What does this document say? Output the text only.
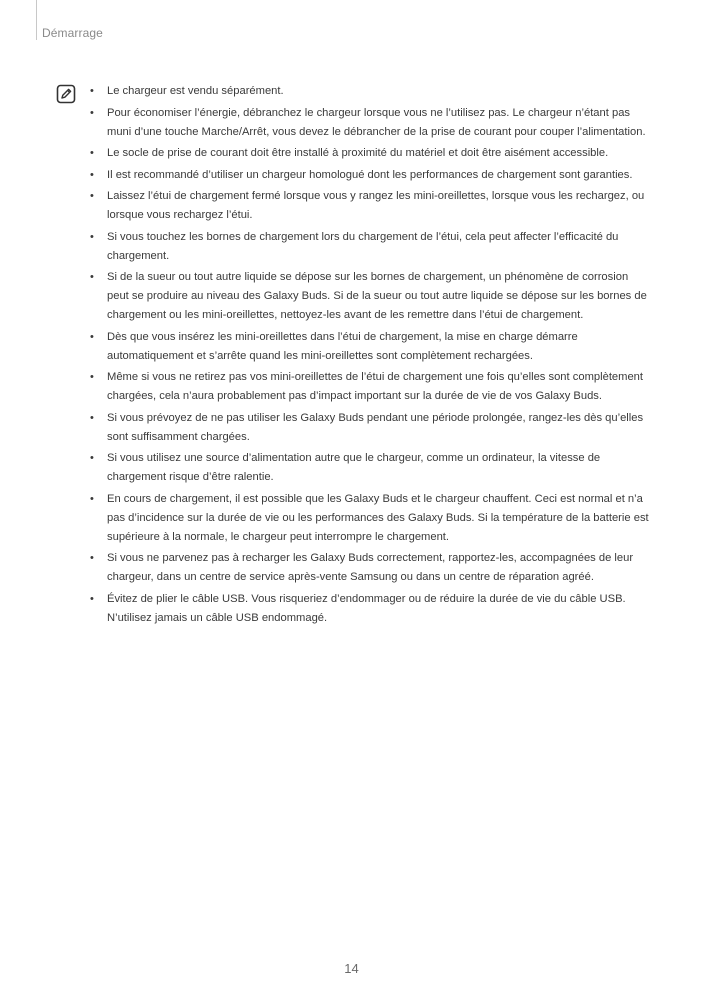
Démarrage
• Le chargeur est vendu séparément.
• Pour économiser l’énergie, débranchez le chargeur lorsque vous ne l’utilisez pas. Le chargeur n’étant pas muni d’une touche Marche/Arrêt, vous devez le débrancher de la prise de courant pour couper l’alimentation.
• Le socle de prise de courant doit être installé à proximité du matériel et doit être aisément accessible.
• Il est recommandé d’utiliser un chargeur homologué dont les performances de chargement sont garanties.
• Laissez l’étui de chargement fermé lorsque vous y rangez les mini-oreillettes, lorsque vous les rechargez, ou lorsque vous rechargez l’étui.
• Si vous touchez les bornes de chargement lors du chargement de l’étui, cela peut affecter l’efficacité du chargement.
• Si de la sueur ou tout autre liquide se dépose sur les bornes de chargement, un phénomène de corrosion peut se produire au niveau des Galaxy Buds. Si de la sueur ou tout autre liquide se dépose sur les bornes de chargement ou les mini-oreillettes, nettoyez-les avant de les remettre dans l’étui de chargement.
• Dès que vous insérez les mini-oreillettes dans l’étui de chargement, la mise en charge démarre automatiquement et s’arrête quand les mini-oreillettes sont complètement rechargées.
• Même si vous ne retirez pas vos mini-oreillettes de l’étui de chargement une fois qu’elles sont complètement chargées, cela n’aura probablement pas d’impact important sur la durée de vie de vos Galaxy Buds.
• Si vous prévoyez de ne pas utiliser les Galaxy Buds pendant une période prolongée, rangez-les dès qu’elles sont suffisamment chargées.
• Si vous utilisez une source d’alimentation autre que le chargeur, comme un ordinateur, la vitesse de chargement risque d’être ralentie.
• En cours de chargement, il est possible que les Galaxy Buds et le chargeur chauffent. Ceci est normal et n’a pas d’incidence sur la durée de vie ou les performances des Galaxy Buds. Si la température de la batterie est supérieure à la normale, le chargeur peut interrompre le chargement.
• Si vous ne parvenez pas à recharger les Galaxy Buds correctement, rapportez-les, accompagnées de leur chargeur, dans un centre de service après-vente Samsung ou dans un centre de réparation agréé.
• Évitez de plier le câble USB. Vous risqueriez d’endommager ou de réduire la durée de vie du câble USB. N’utilisez jamais un câble USB endommagé.
14
